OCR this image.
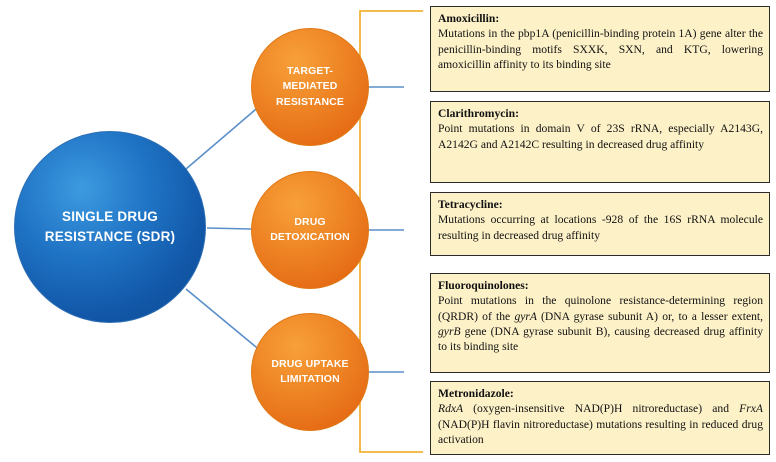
SINGLE DRUG RESISTANCE (SDR)
TARGET-MEDIATED RESISTANCE
DRUG DETOXICATION
DRUG UPTAKE LIMITATION
Amoxicillin:
Mutations in the pbp1A (penicillin-binding protein 1A) gene alter the penicillin-binding motifs SXXK, SXN, and KTG, lowering amoxicillin affinity to its binding site
Clarithromycin:
Point mutations in domain V of 23S rRNA, especially A2143G, A2142G and A2142C resulting in decreased drug affinity
Tetracycline:
Mutations occurring at locations -928 of the 16S rRNA molecule resulting in decreased drug affinity
Fluoroquinolones:
Point mutations in the quinolone resistance-determining region (QRDR) of the gyrA (DNA gyrase subunit A) or, to a lesser extent, gyrB gene (DNA gyrase subunit B), causing decreased drug affinity to its binding site
Metronidazole:
RdxA (oxygen-insensitive NAD(P)H nitroreductase) and FrxA (NAD(P)H flavin nitroreductase) mutations resulting in reduced drug activation
